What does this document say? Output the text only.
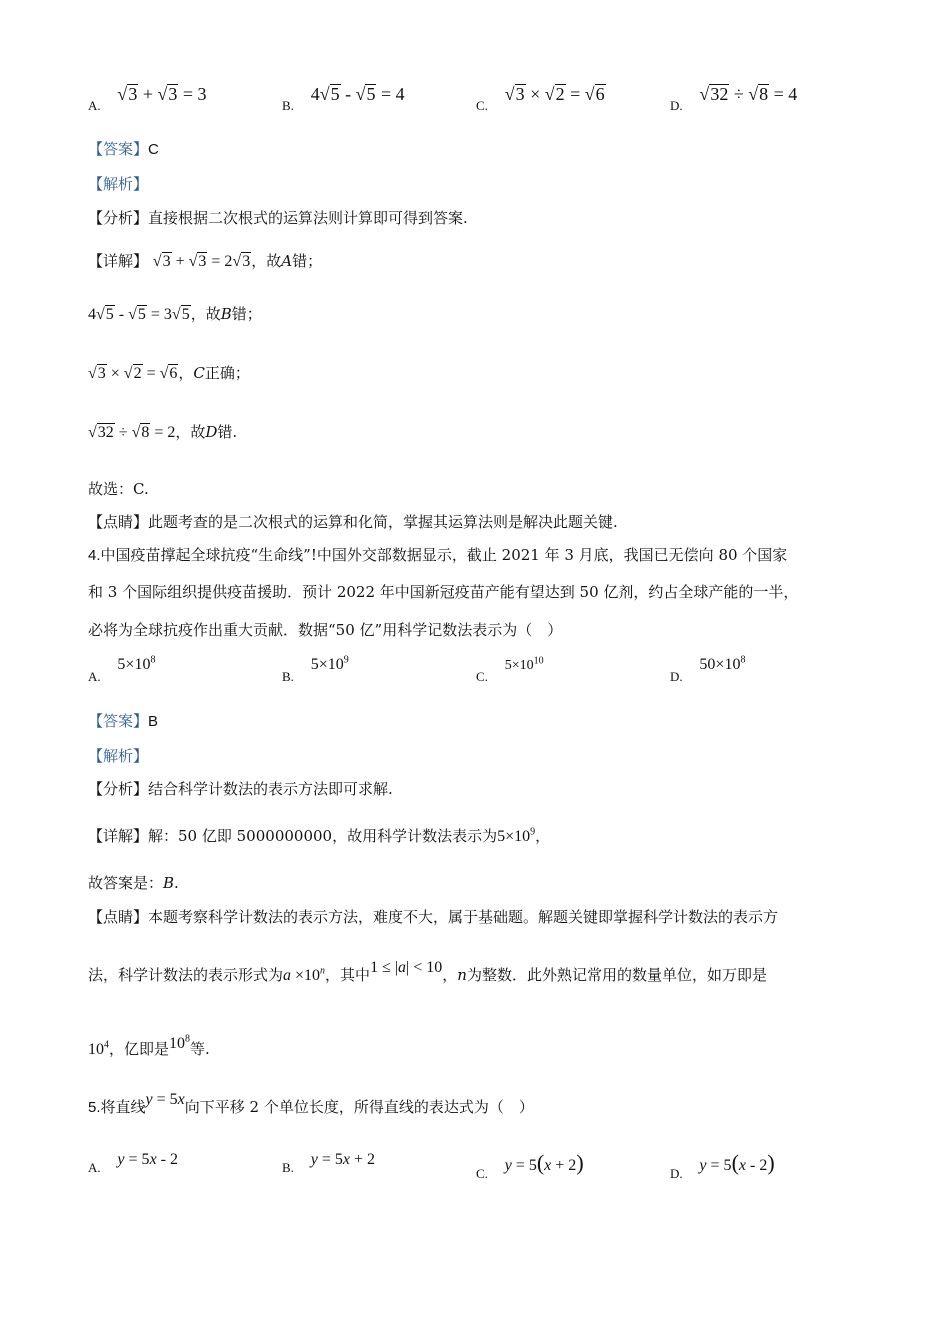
A. √3 + √3 = 3
B. 4√5 - √5 = 4
C. √3 × √2 = √6
D. √32 ÷ √8 = 4
【答案】C
【解析】
【分析】直接根据二次根式的运算法则计算即可得到答案.
【详解】 √3 + √3 = 2√3，故A错；
4√5 - √5 = 3√5，故B错；
√3 × √2 = √6，C正确；
√32 ÷ √8 = 2，故D错.
故选：C.
【点睛】此题考查的是二次根式的运算和化简，掌握其运算法则是解决此题关键.
4.中国疫苗撑起全球抗疫“生命线”!中国外交部数据显示，截止 2021 年 3 月底，我国已无偿向 80 个国家
和 3 个国际组织提供疫苗援助．预计 2022 年中国新冠疫苗产能有望达到 50 亿剂，约占全球产能的一半，
必将为全球抗疫作出重大贡献．数据“50 亿”用科学记数法表示为（　）
A. $5\times 10^8$
B. $5\times 10^9$
C. $5\times 10^{10}$
D. $50\times 10^8$
【答案】B
【解析】
【分析】结合科学计数法的表示方法即可求解.
【详解】解：50 亿即 5000000000，故用科学计数法表示为$5\times 10^9$，
故答案是：B.
【点睛】本题考察科学计数法的表示方法，难度不大，属于基础题。解题关键即掌握科学计数法的表示方
法，科学计数法的表示形式为$a \times 10^n$，其中1 ≤ |a| < 10，n为整数．此外熟记常用的数量单位，如万即是
$10^4$，亿即是$10^8$等.
5.将直线y = 5x向下平移 2 个单位长度，所得直线的表达式为（　）
A. y = 5x - 2	B. y = 5x + 2
C. y = 5(x + 2)	D. y = 5(x - 2)
